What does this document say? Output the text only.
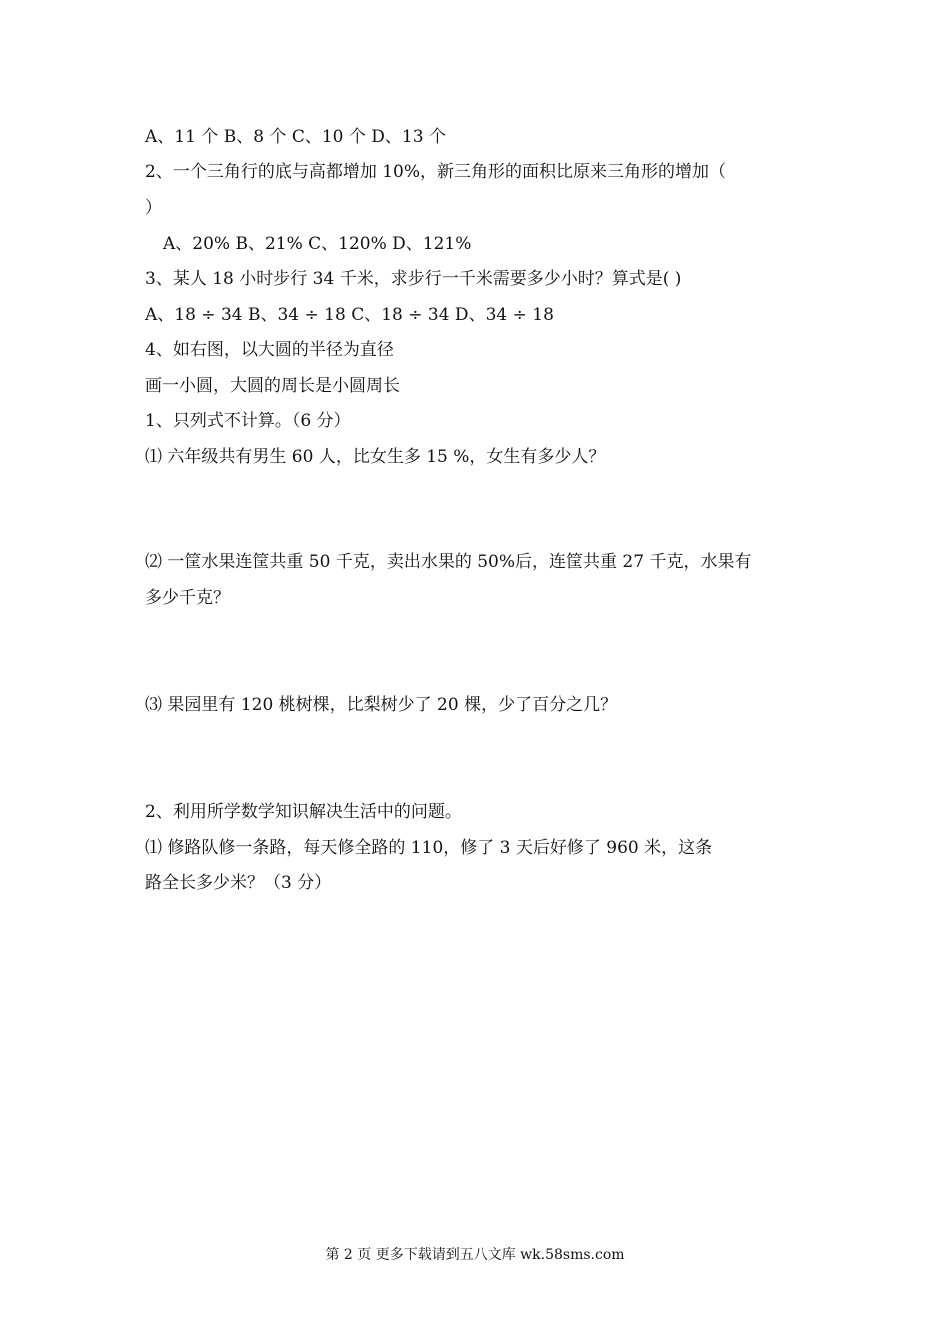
A、11 个 B、8 个 C、10 个 D、13 个
2、一个三角行的底与高都增加 10%，新三角形的面积比原来三角形的增加（
）
A、20% B、21% C、120% D、121%
3、某人 18 小时步行 34 千米，求步行一千米需要多少小时？算式是( )
A、18 ÷ 34 B、34 ÷ 18 C、18 ÷ 34 D、34 ÷ 18
4、如右图，以大圆的半径为直径
画一小圆，大圆的周长是小圆周长
1、只列式不计算。（6 分）
⑴ 六年级共有男生 60 人，比女生多 15 %，女生有多少人？
⑵ 一筐水果连筐共重 50 千克，卖出水果的 50%后，连筐共重 27 千克，水果有
多少千克？
⑶ 果园里有 120 桃树棵，比梨树少了 20 棵，少了百分之几？
2、利用所学数学知识解决生活中的问题。
⑴ 修路队修一条路，每天修全路的 110，修了 3 天后好修了 960 米，这条
路全长多少米？（3 分）
第 2 页 更多下载请到五八文库 wk.58sms.com
